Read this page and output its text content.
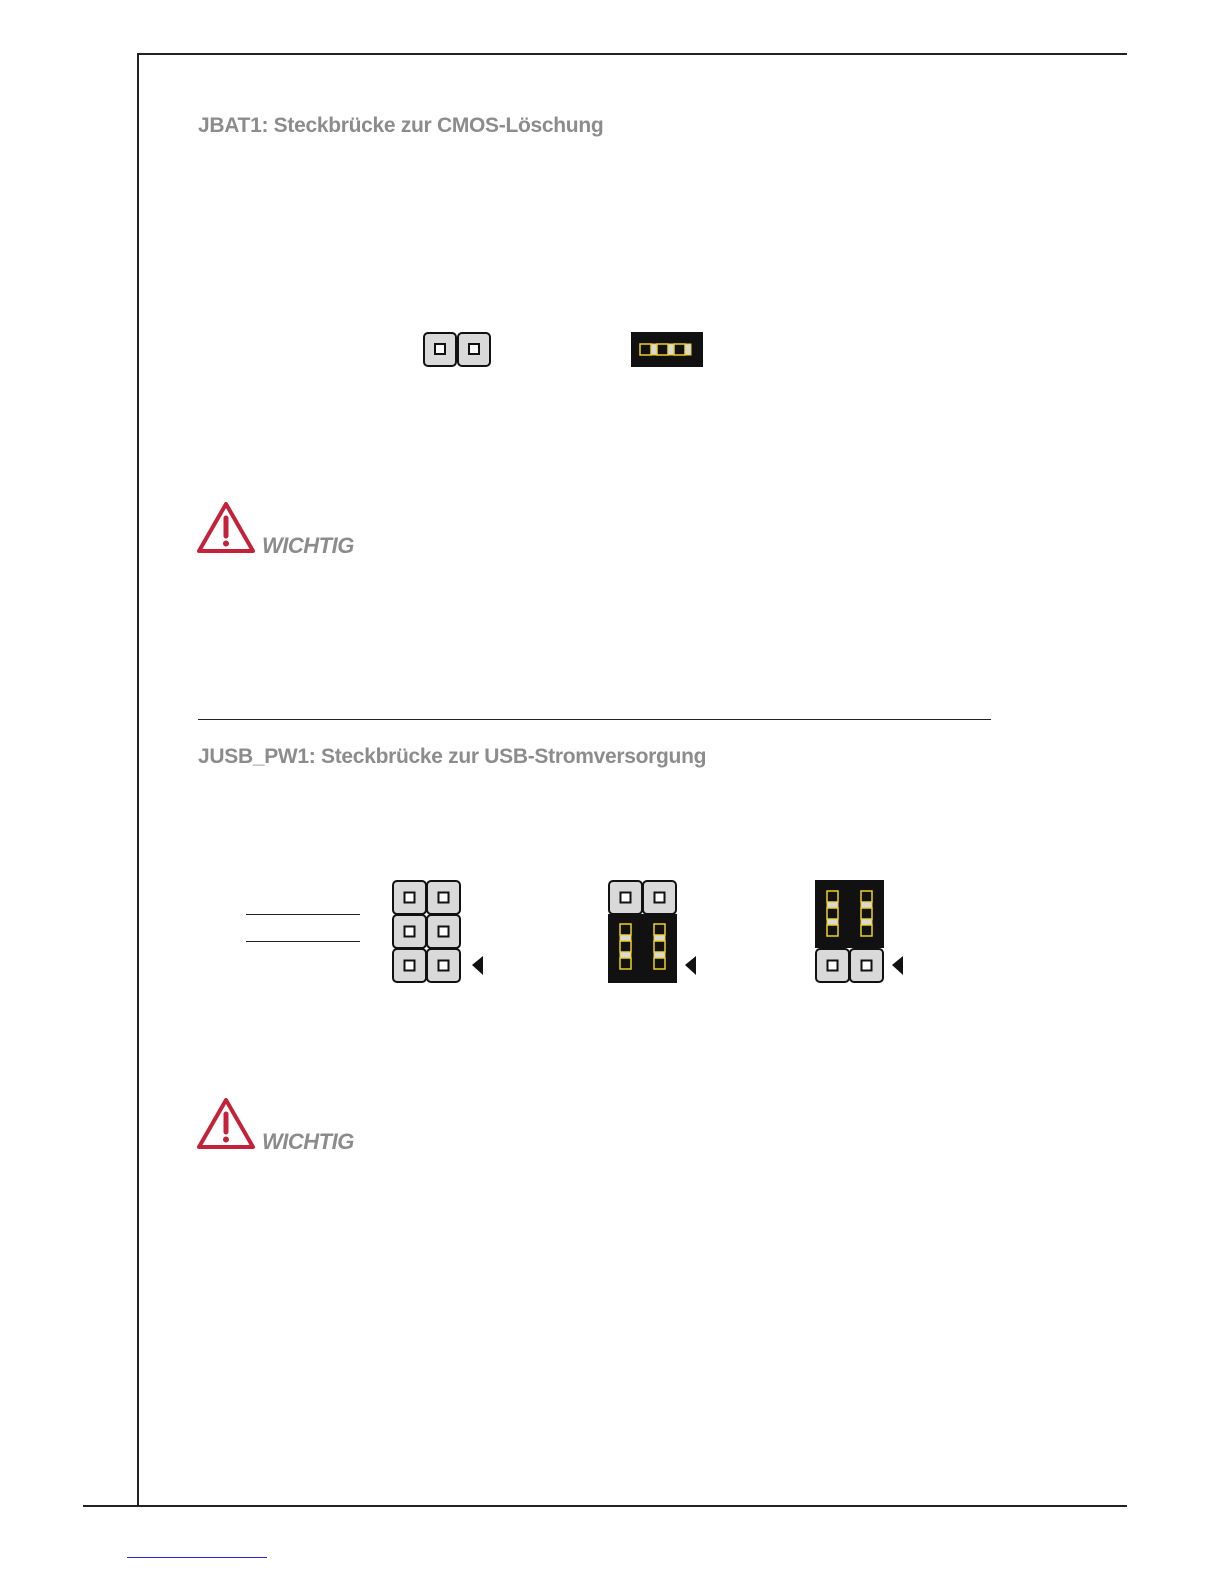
JBAT1: Steckbrücke zur CMOS-Löschung
WICHTIG
JUSB_PW1: Steckbrücke zur USB-Stromversorgung
WICHTIG
